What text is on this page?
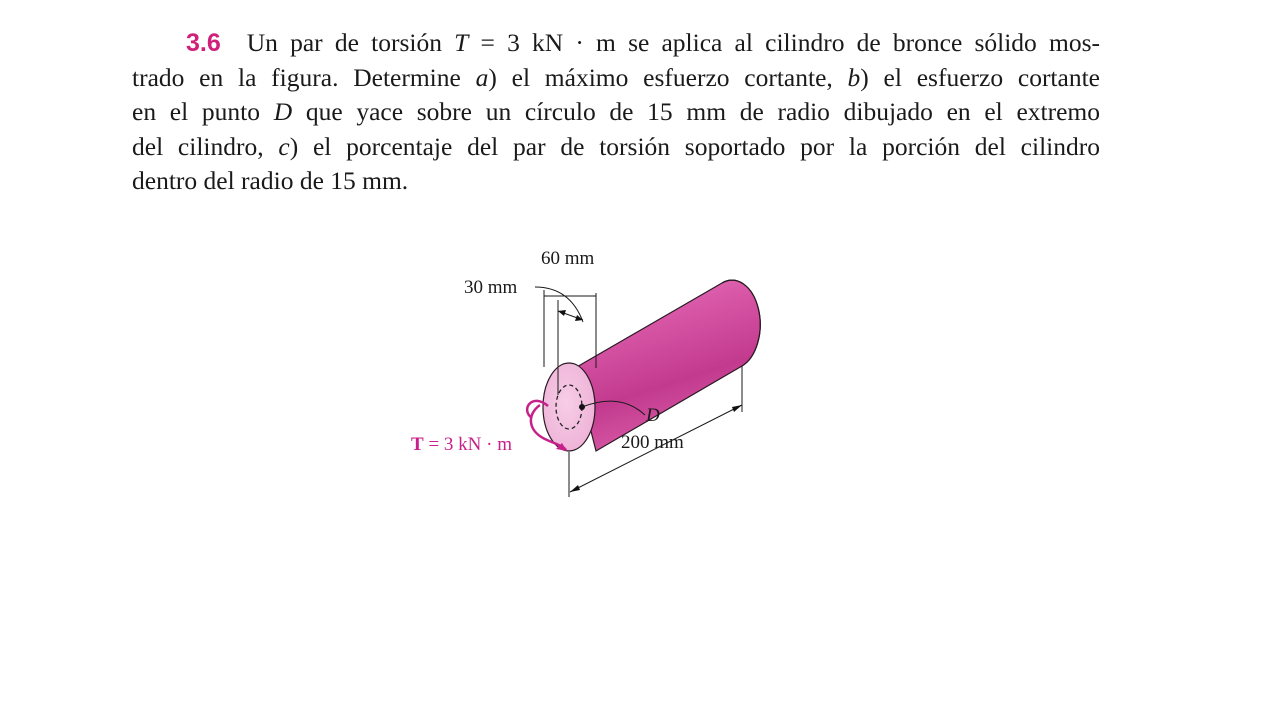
3.6 Un par de torsión T = 3 kN · m se aplica al cilindro de bronce sólido mos-
trado en la figura. Determine a) el máximo esfuerzo cortante, b) el esfuerzo cortante
en el punto D que yace sobre un círculo de 15 mm de radio dibujado en el extremo
del cilindro, c) el porcentaje del par de torsión soportado por la porción del cilindro
dentro del radio de 15 mm.
60 mm
30 mm
D
200 mm
T = 3 kN · m
